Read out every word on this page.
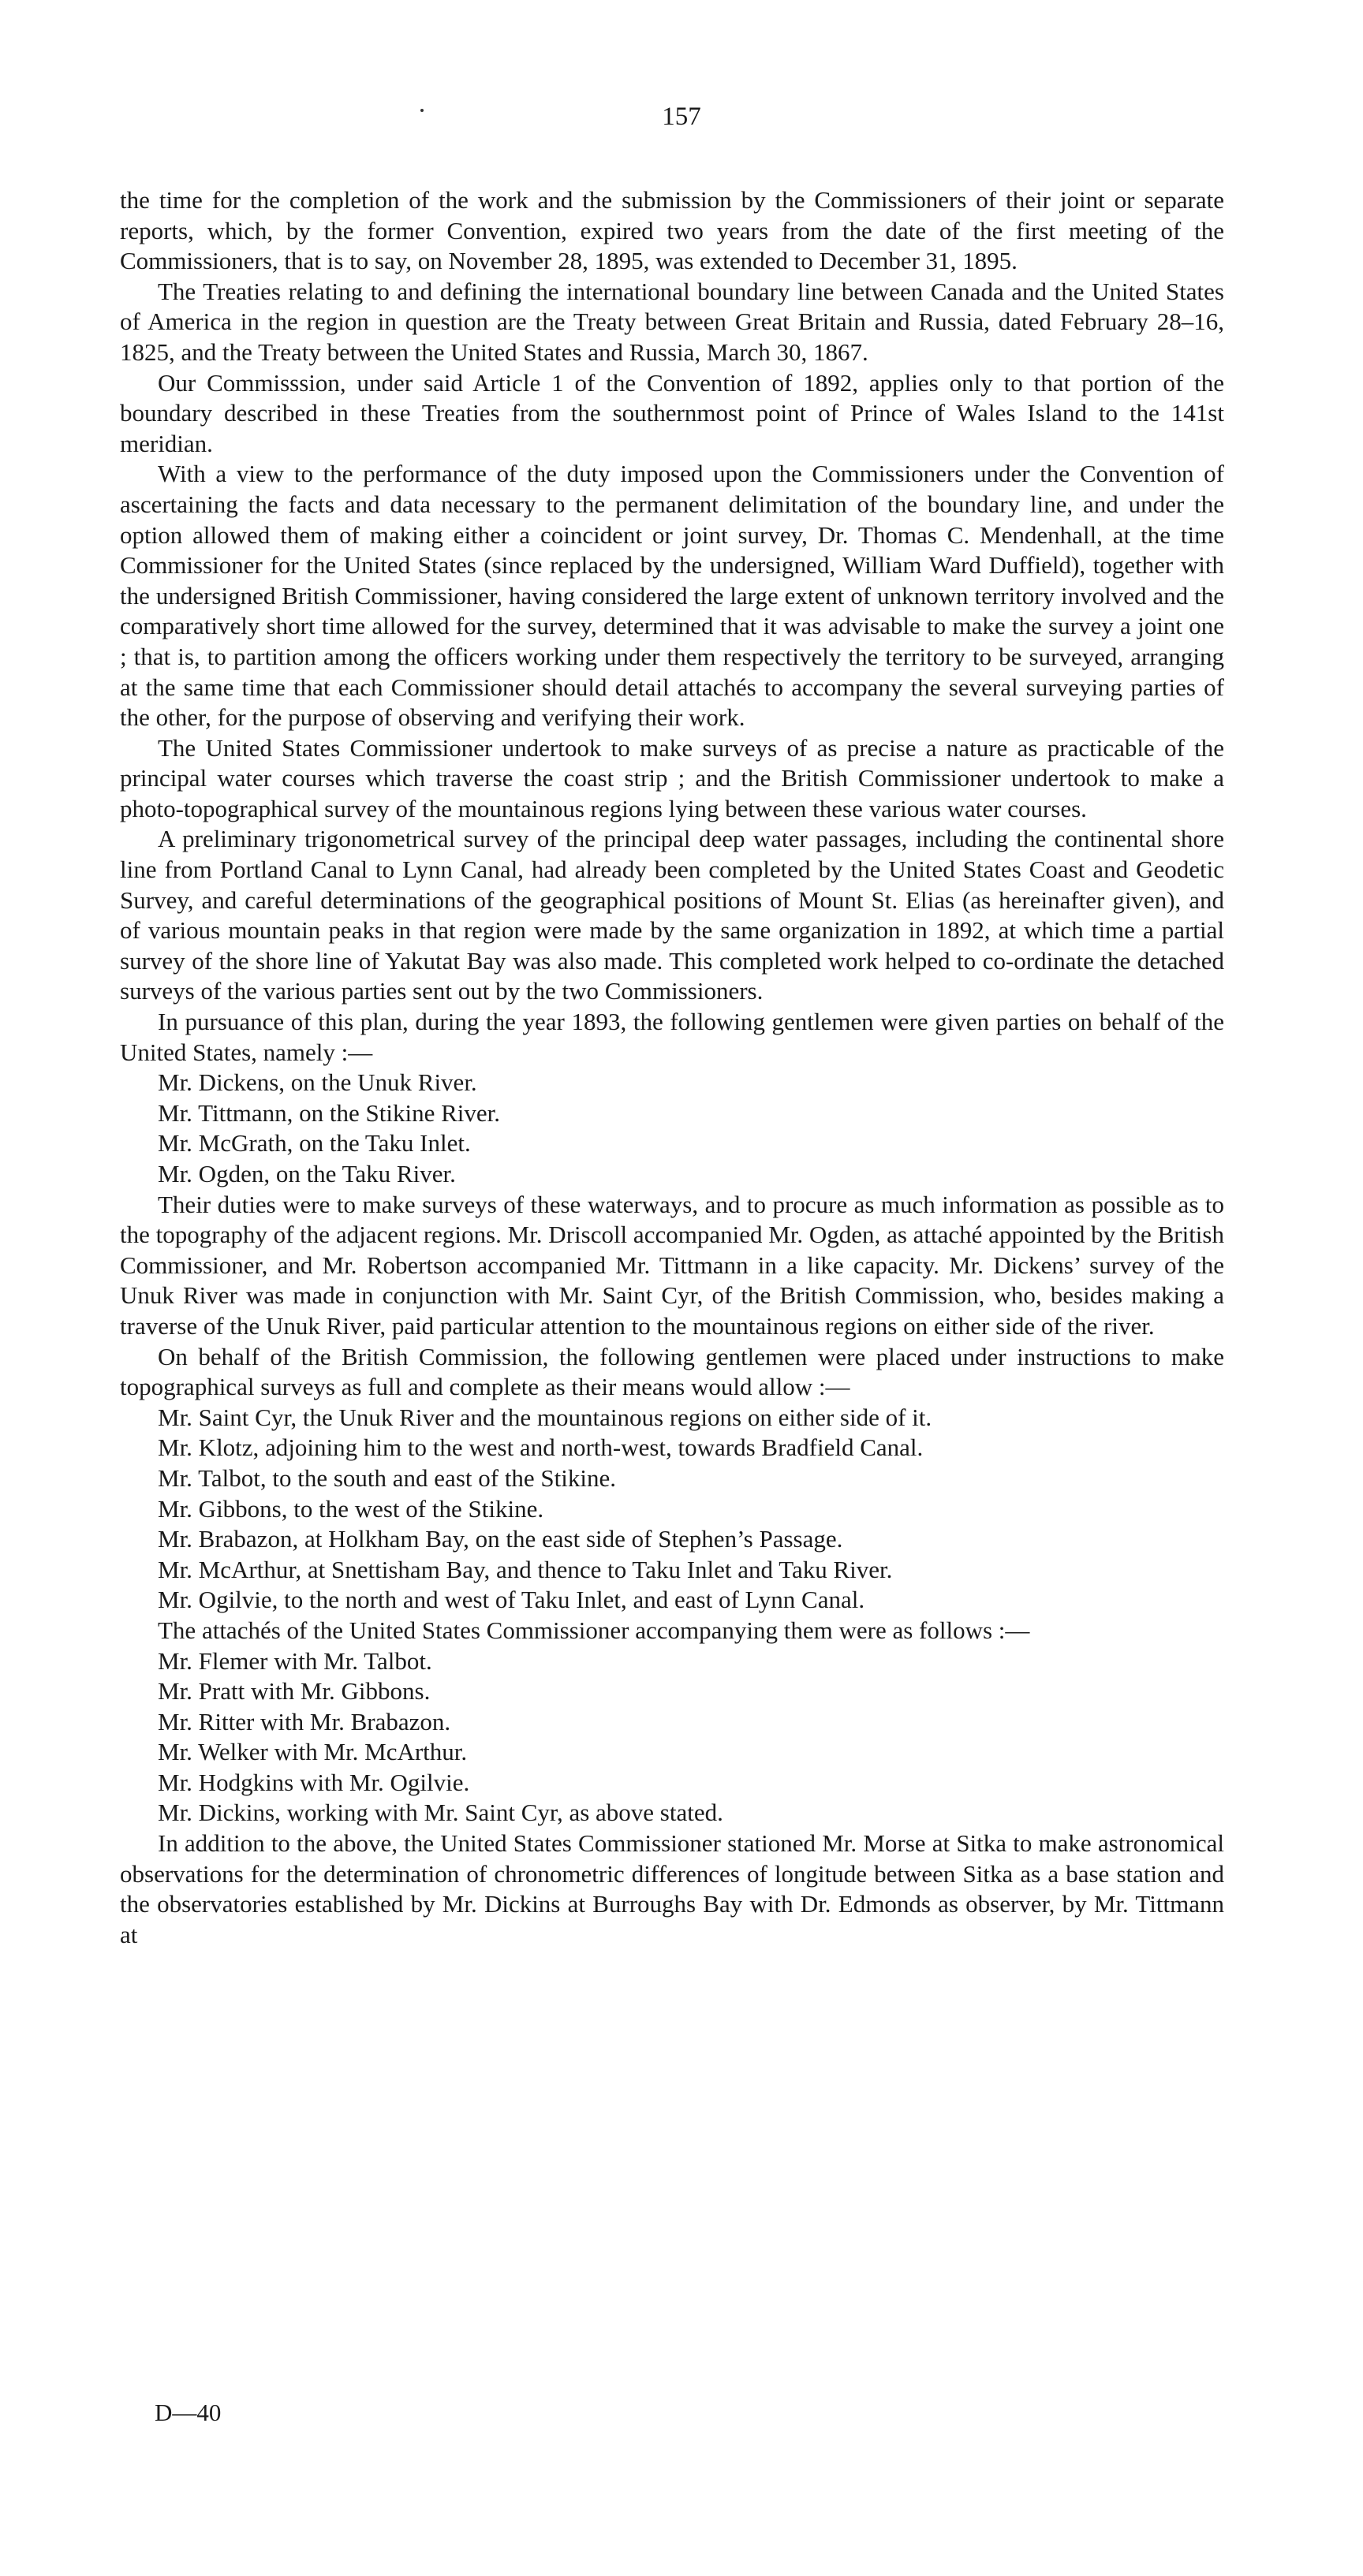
157

the time for the completion of the work and the submission by the Commissioners of their joint or separate reports, which, by the former Convention, expired two years from the date of the first meeting of the Commissioners, that is to say, on November 28, 1895, was extended to December 31, 1895.

The Treaties relating to and defining the international boundary line between Canada and the United States of America in the region in question are the Treaty between Great Britain and Russia, dated February 28–16, 1825, and the Treaty between the United States and Russia, March 30, 1867.

Our Commisssion, under said Article 1 of the Convention of 1892, applies only to that portion of the boundary described in these Treaties from the southernmost point of Prince of Wales Island to the 141st meridian.

With a view to the performance of the duty imposed upon the Commissioners under the Convention of ascertaining the facts and data necessary to the permanent delimitation of the boundary line, and under the option allowed them of making either a coincident or joint survey, Dr. Thomas C. Mendenhall, at the time Commissioner for the United States (since replaced by the undersigned, William Ward Duffield), together with the undersigned British Commissioner, having considered the large extent of unknown territory involved and the comparatively short time allowed for the survey, determined that it was advisable to make the survey a joint one ; that is, to partition among the officers working under them respectively the territory to be surveyed, arranging at the same time that each Commissioner should detail attachés to accompany the several surveying parties of the other, for the purpose of observing and verifying their work.

The United States Commissioner undertook to make surveys of as precise a nature as practicable of the principal water courses which traverse the coast strip ; and the British Commissioner undertook to make a photo-topographical survey of the mountainous regions lying between these various water courses.

A preliminary trigonometrical survey of the principal deep water passages, including the continental shore line from Portland Canal to Lynn Canal, had already been completed by the United States Coast and Geodetic Survey, and careful determinations of the geographical positions of Mount St. Elias (as hereinafter given), and of various mountain peaks in that region were made by the same organization in 1892, at which time a partial survey of the shore line of Yakutat Bay was also made. This completed work helped to co-ordinate the detached surveys of the various parties sent out by the two Commissioners.

In pursuance of this plan, during the year 1893, the following gentlemen were given parties on behalf of the United States, namely :—

Mr. Dickens, on the Unuk River.

Mr. Tittmann, on the Stikine River.

Mr. McGrath, on the Taku Inlet.

Mr. Ogden, on the Taku River.

Their duties were to make surveys of these waterways, and to procure as much information as possible as to the topography of the adjacent regions. Mr. Driscoll accompanied Mr. Ogden, as attaché appointed by the British Commissioner, and Mr. Robertson accompanied Mr. Tittmann in a like capacity. Mr. Dickens’ survey of the Unuk River was made in conjunction with Mr. Saint Cyr, of the British Commission, who, besides making a traverse of the Unuk River, paid particular attention to the mountainous regions on either side of the river.

On behalf of the British Commission, the following gentlemen were placed under instructions to make topographical surveys as full and complete as their means would allow :—

Mr. Saint Cyr, the Unuk River and the mountainous regions on either side of it.

Mr. Klotz, adjoining him to the west and north-west, towards Bradfield Canal.

Mr. Talbot, to the south and east of the Stikine.

Mr. Gibbons, to the west of the Stikine.

Mr. Brabazon, at Holkham Bay, on the east side of Stephen’s Passage.

Mr. McArthur, at Snettisham Bay, and thence to Taku Inlet and Taku River.

Mr. Ogilvie, to the north and west of Taku Inlet, and east of Lynn Canal.

The attachés of the United States Commissioner accompanying them were as follows :—

Mr. Flemer with Mr. Talbot.

Mr. Pratt with Mr. Gibbons.

Mr. Ritter with Mr. Brabazon.

Mr. Welker with Mr. McArthur.

Mr. Hodgkins with Mr. Ogilvie.

Mr. Dickins, working with Mr. Saint Cyr, as above stated.

In addition to the above, the United States Commissioner stationed Mr. Morse at Sitka to make astronomical observations for the determination of chronometric differences of longitude between Sitka as a base station and the observatories established by Mr. Dickins at Burroughs Bay with Dr. Edmonds as observer, by Mr. Tittmann at

D—40
